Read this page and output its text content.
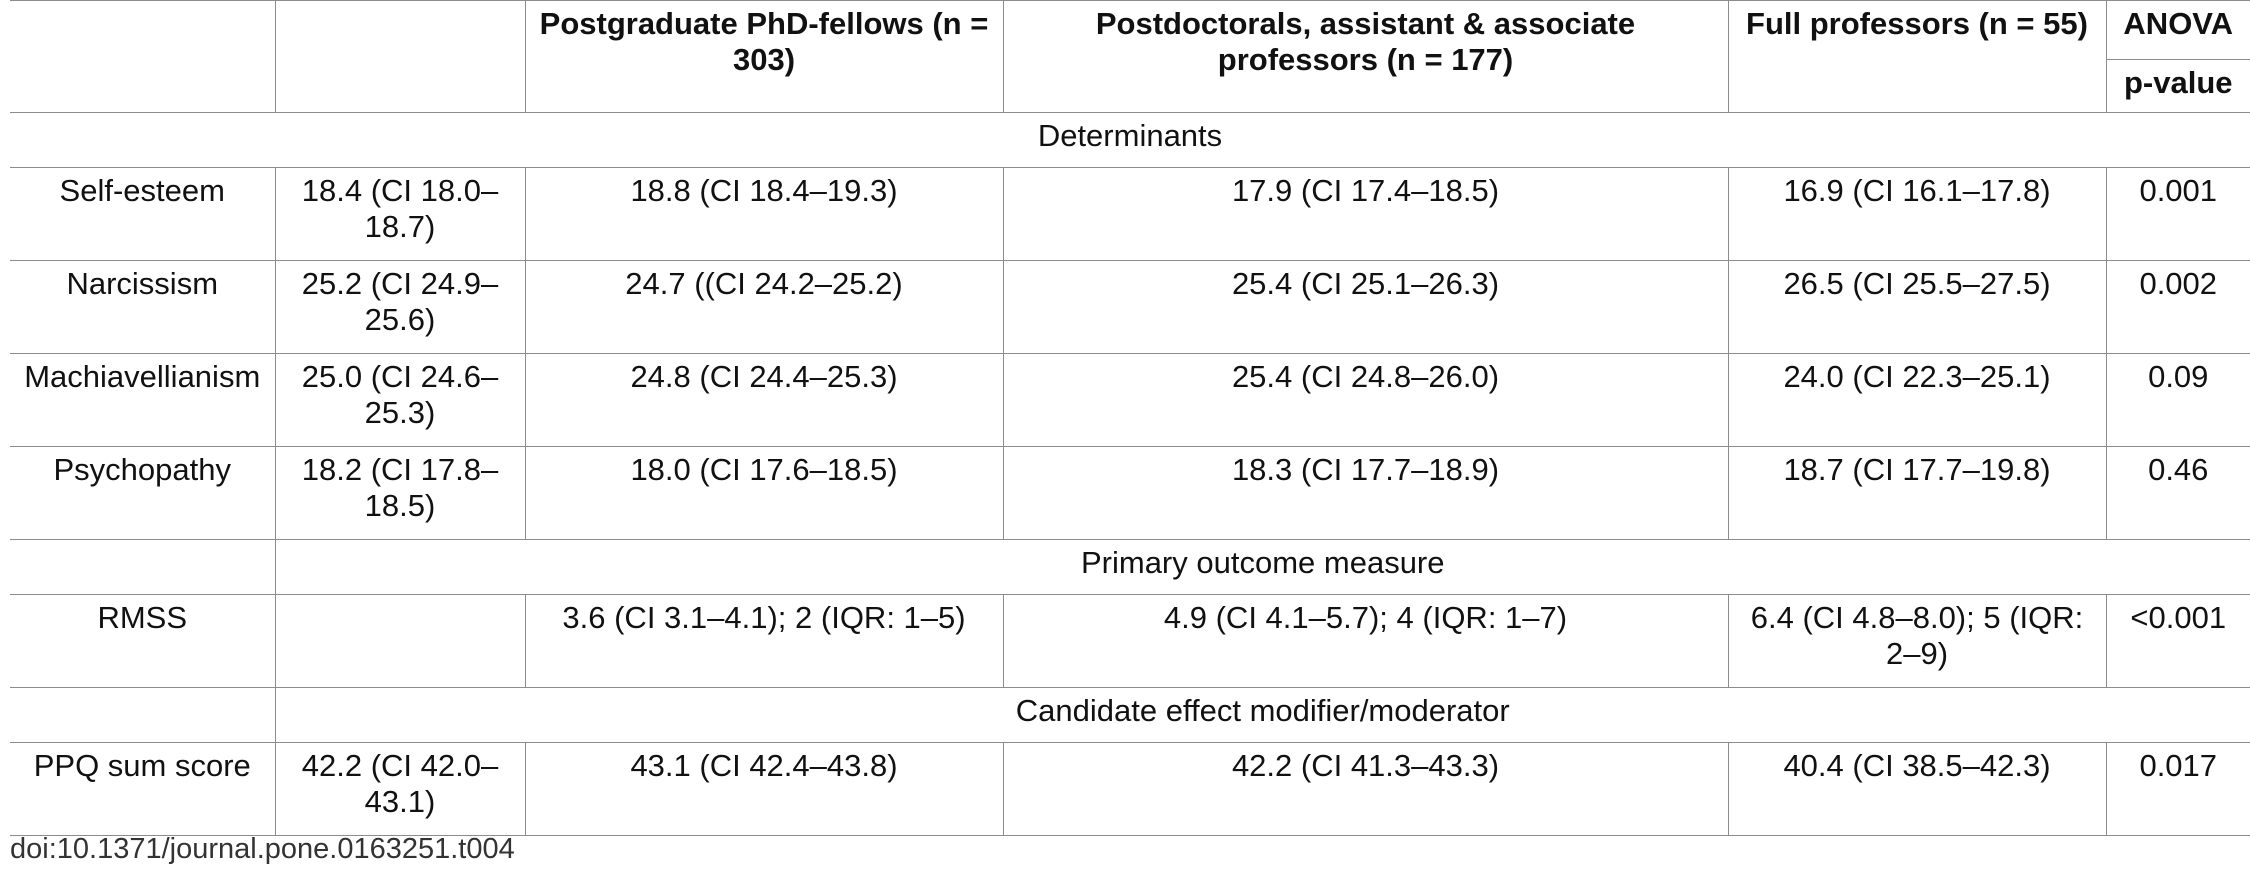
		Postgraduate PhD-fellows (n = 303)	Postdoctorals, assistant & associate professors (n = 177)	Full professors (n = 55)	ANOVA
					p-value
Determinants					
Self-esteem	18.4 (CI 18.0–18.7)	18.8 (CI 18.4–19.3)	17.9 (CI 17.4–18.5)	16.9 (CI 16.1–17.8)	0.001
Narcissism	25.2 (CI 24.9–25.6)	24.7 ((CI 24.2–25.2)	25.4 (CI 25.1–26.3)	26.5 (CI 25.5–27.5)	0.002
Machiavellianism	25.0 (CI 24.6–25.3)	24.8 (CI 24.4–25.3)	25.4 (CI 24.8–26.0)	24.0 (CI 22.3–25.1)	0.09
Psychopathy	18.2 (CI 17.8–18.5)	18.0 (CI 17.6–18.5)	18.3 (CI 17.7–18.9)	18.7 (CI 17.7–19.8)	0.46
	Primary outcome measure				
RMSS		3.6 (CI 3.1–4.1); 2 (IQR: 1–5)	4.9 (CI 4.1–5.7); 4 (IQR: 1–7)	6.4 (CI 4.8–8.0); 5 (IQR: 2–9)	<0.001
	Candidate effect modifier/moderator				
PPQ sum score	42.2 (CI 42.0–43.1)	43.1 (CI 42.4–43.8)	42.2 (CI 41.3–43.3)	40.4 (CI 38.5–42.3)	0.017
doi:10.1371/journal.pone.0163251.t004
